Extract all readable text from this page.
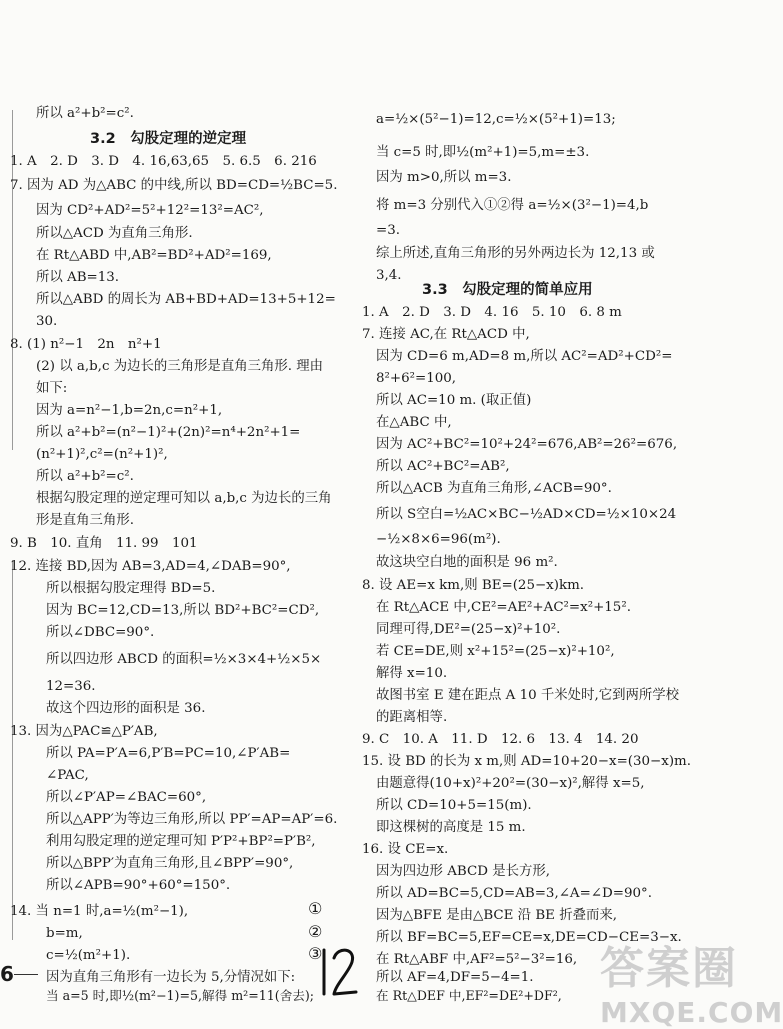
所以 a²+b²=c².
3.2　勾股定理的逆定理
1. A　2. D　3. D　4. 16,63,65　5. 6.5　6. 216
7. 因为 AD 为△ABC 的中线,所以 BD=CD=½BC=5.
因为 CD²+AD²=5²+12²=13²=AC²,
所以△ACD 为直角三角形.
在 Rt△ABD 中,AB²=BD²+AD²=169,
所以 AB=13.
所以△ABD 的周长为 AB+BD+AD=13+5+12=
30.
8. (1) n²−1　2n　n²+1
(2) 以 a,b,c 为边长的三角形是直角三角形. 理由
如下:
因为 a=n²−1,b=2n,c=n²+1,
所以 a²+b²=(n²−1)²+(2n)²=n⁴+2n²+1=
(n²+1)²,c²=(n²+1)²,
所以 a²+b²=c².
根据勾股定理的逆定理可知以 a,b,c 为边长的三角
形是直角三角形.
9. B　10. 直角　11. 99　101
12. 连接 BD,因为 AB=3,AD=4,∠DAB=90°,
所以根据勾股定理得 BD=5.
因为 BC=12,CD=13,所以 BD²+BC²=CD²,
所以∠DBC=90°.
所以四边形 ABCD 的面积=½×3×4+½×5×
12=36.
故这个四边形的面积是 36.
13. 因为△PAC≌△P′AB,
所以 PA=P′A=6,P′B=PC=10,∠P′AB=
∠PAC,
所以∠P′AP=∠BAC=60°,
所以△APP′为等边三角形,所以 PP′=AP=AP′=6.
利用勾股定理的逆定理可知 P′P²+BP²=P′B²,
所以△BPP′为直角三角形,且∠BPP′=90°,
所以∠APB=90°+60°=150°.
14. 当 n=1 时,a=½(m²−1),
b=m,
c=½(m²+1).
因为直角三角形有一边长为 5,分情况如下:
当 a=5 时,即½(m²−1)=5,解得 m²=11(舍去);
①
②
③
a=½×(5²−1)=12,c=½×(5²+1)=13;
当 c=5 时,即½(m²+1)=5,m=±3.
因为 m>0,所以 m=3.
将 m=3 分别代入①②得 a=½×(3²−1)=4,b
=3.
综上所述,直角三角形的另外两边长为 12,13 或
3,4.
3.3　勾股定理的简单应用
1. A　2. D　3. D　4. 16　5. 10　6. 8 m
7. 连接 AC,在 Rt△ACD 中,
因为 CD=6 m,AD=8 m,所以 AC²=AD²+CD²=
8²+6²=100,
所以 AC=10 m. (取正值)
在△ABC 中,
因为 AC²+BC²=10²+24²=676,AB²=26²=676,
所以 AC²+BC²=AB²,
所以△ACB 为直角三角形,∠ACB=90°.
所以 S空白=½AC×BC−½AD×CD=½×10×24
−½×8×6=96(m²).
故这块空白地的面积是 96 m².
8. 设 AE=x km,则 BE=(25−x)km.
在 Rt△ACE 中,CE²=AE²+AC²=x²+15².
同理可得,DE²=(25−x)²+10².
若 CE=DE,则 x²+15²=(25−x)²+10²,
解得 x=10.
故图书室 E 建在距点 A 10 千米处时,它到两所学校
的距离相等.
9. C　10. A　11. D　12. 6　13. 4　14. 20
15. 设 BD 的长为 x m,则 AD=10+20−x=(30−x)m.
由题意得(10+x)²+20²=(30−x)²,解得 x=5,
所以 CD=10+5=15(m).
即这棵树的高度是 15 m.
16. 设 CE=x.
因为四边形 ABCD 是长方形,
所以 AD=BC=5,CD=AB=3,∠A=∠D=90°.
因为△BFE 是由△BCE 沿 BE 折叠而来,
所以 BF=BC=5,EF=CE=x,DE=CD−CE=3−x.
在 Rt△ABF 中,AF²=5²−3²=16,
所以 AF=4,DF=5−4=1.
在 Rt△DEF 中,EF²=DE²+DF²,
6	答案圈
MXQE.COM
